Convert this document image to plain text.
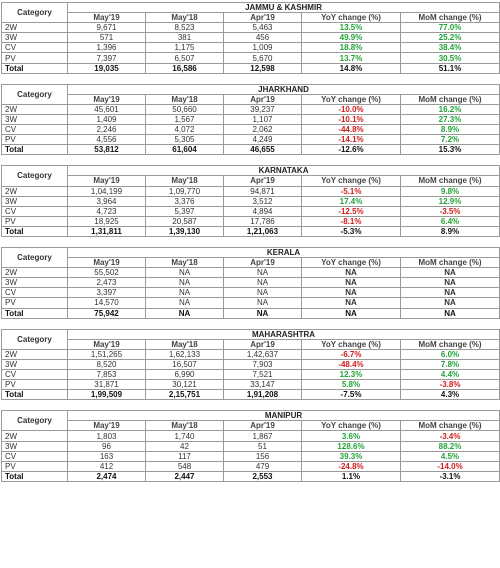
Category	JAMMU & KASHMIR				
	May'19	May'18	Apr'19	YoY change (%)	MoM change (%)
2W	9,671	8,523	5,463	13.5%	77.0%
3W	571	381	456	49.9%	25.2%
CV	1,396	1,175	1,009	18.8%	38.4%
PV	7,397	6,507	5,670	13.7%	30.5%
Total	19,035	16,586	12,598	14.8%	51.1%
Category	JHARKHAND				
	May'19	May'18	Apr'19	YoY change (%)	MoM change (%)
2W	45,601	50,660	39,237	-10.0%	16.2%
3W	1,409	1,567	1,107	-10.1%	27.3%
CV	2,246	4,072	2,062	-44.8%	8.9%
PV	4,556	5,305	4,249	-14.1%	7.2%
Total	53,812	61,604	46,655	-12.6%	15.3%
Category	KARNATAKA				
	May'19	May'18	Apr'19	YoY change (%)	MoM change (%)
2W	1,04,199	1,09,770	94,871	-5.1%	9.8%
3W	3,964	3,376	3,512	17.4%	12.9%
CV	4,723	5,397	4,894	-12.5%	-3.5%
PV	18,925	20,587	17,786	-8.1%	6.4%
Total	1,31,811	1,39,130	1,21,063	-5.3%	8.9%
Category	KERALA				
	May'19	May'18	Apr'19	YoY change (%)	MoM change (%)
2W	55,502	NA	NA	NA	NA
3W	2,473	NA	NA	NA	NA
CV	3,397	NA	NA	NA	NA
PV	14,570	NA	NA	NA	NA
Total	75,942	NA	NA	NA	NA
Category	MAHARASHTRA				
	May'19	May'18	Apr'19	YoY change (%)	MoM change (%)
2W	1,51,265	1,62,133	1,42,637	-6.7%	6.0%
3W	8,520	16,507	7,903	-48.4%	7.8%
CV	7,853	6,990	7,521	12.3%	4.4%
PV	31,871	30,121	33,147	5.8%	-3.8%
Total	1,99,509	2,15,751	1,91,208	-7.5%	4.3%
Category	MANIPUR				
	May'19	May'18	Apr'19	YoY change (%)	MoM change (%)
2W	1,803	1,740	1,867	3.6%	-3.4%
3W	96	42	51	128.6%	88.2%
CV	163	117	156	39.3%	4.5%
PV	412	548	479	-24.8%	-14.0%
Total	2,474	2,447	2,553	1.1%	-3.1%
